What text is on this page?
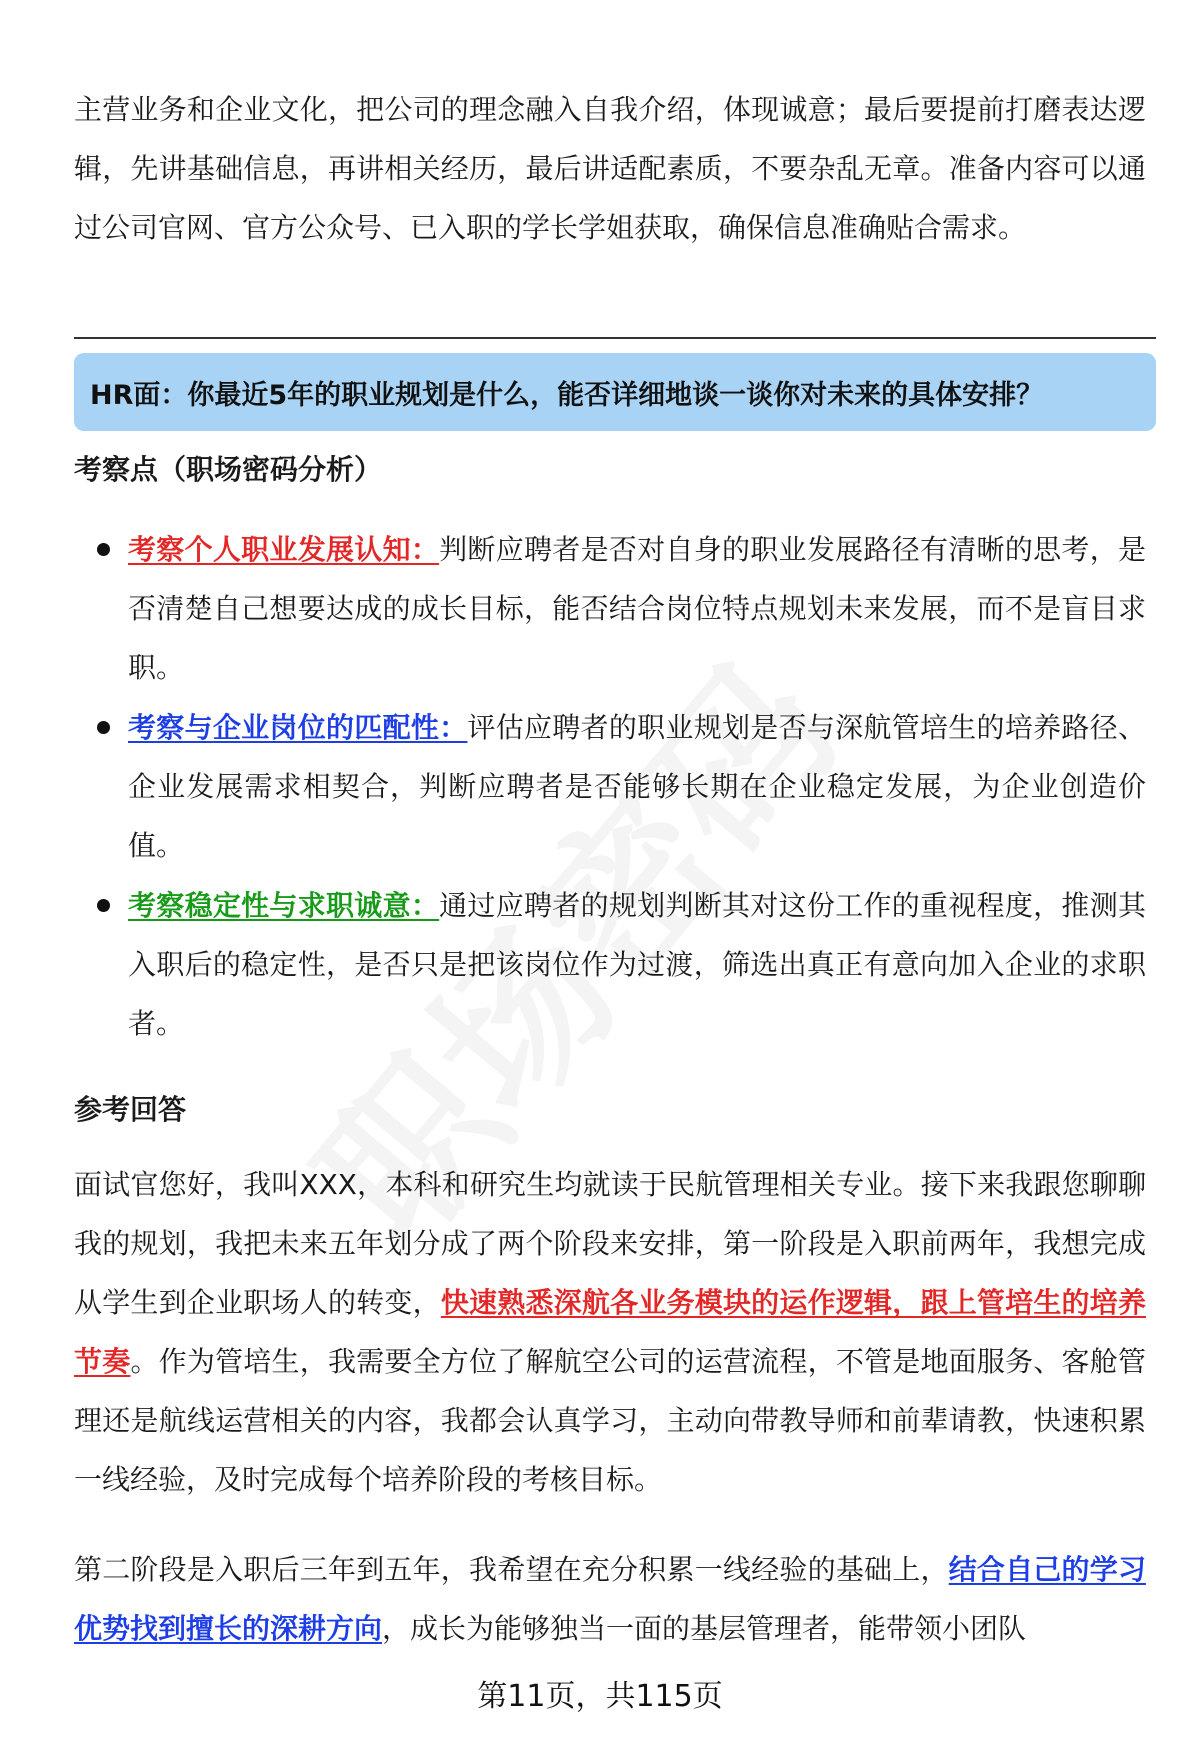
主营业务和企业文化，把公司的理念融入自我介绍，体现诚意；最后要提前打磨表达逻辑，先讲基础信息，再讲相关经历，最后讲适配素质，不要杂乱无章。准备内容可以通过公司官网、官方公众号、已入职的学长学姐获取，确保信息准确贴合需求。

HR面：你最近5年的职业规划是什么，能否详细地谈一谈你对未来的具体安排？

考察点（职场密码分析）

考察个人职业发展认知：判断应聘者是否对自身的职业发展路径有清晰的思考，是否清楚自己想要达成的成长目标，能否结合岗位特点规划未来发展，而不是盲目求职。

考察与企业岗位的匹配性：评估应聘者的职业规划是否与深航管培生的培养路径、企业发展需求相契合，判断应聘者是否能够长期在企业稳定发展，为企业创造价值。

考察稳定性与求职诚意：通过应聘者的规划判断其对这份工作的重视程度，推测其入职后的稳定性，是否只是把该岗位作为过渡，筛选出真正有意向加入企业的求职者。

参考回答

面试官您好，我叫XXX，本科和研究生均就读于民航管理相关专业。接下来我跟您聊聊我的规划，我把未来五年划分成了两个阶段来安排，第一阶段是入职前两年，我想完成从学生到企业职场人的转变，快速熟悉深航各业务模块的运作逻辑，跟上管培生的培养节奏。作为管培生，我需要全方位了解航空公司的运营流程，不管是地面服务、客舱管理还是航线运营相关的内容，我都会认真学习，主动向带教导师和前辈请教，快速积累一线经验，及时完成每个培养阶段的考核目标。

第二阶段是入职后三年到五年，我希望在充分积累一线经验的基础上，结合自己的学习优势找到擅长的深耕方向，成长为能够独当一面的基层管理者，能带领小团队

第11页，共115页
